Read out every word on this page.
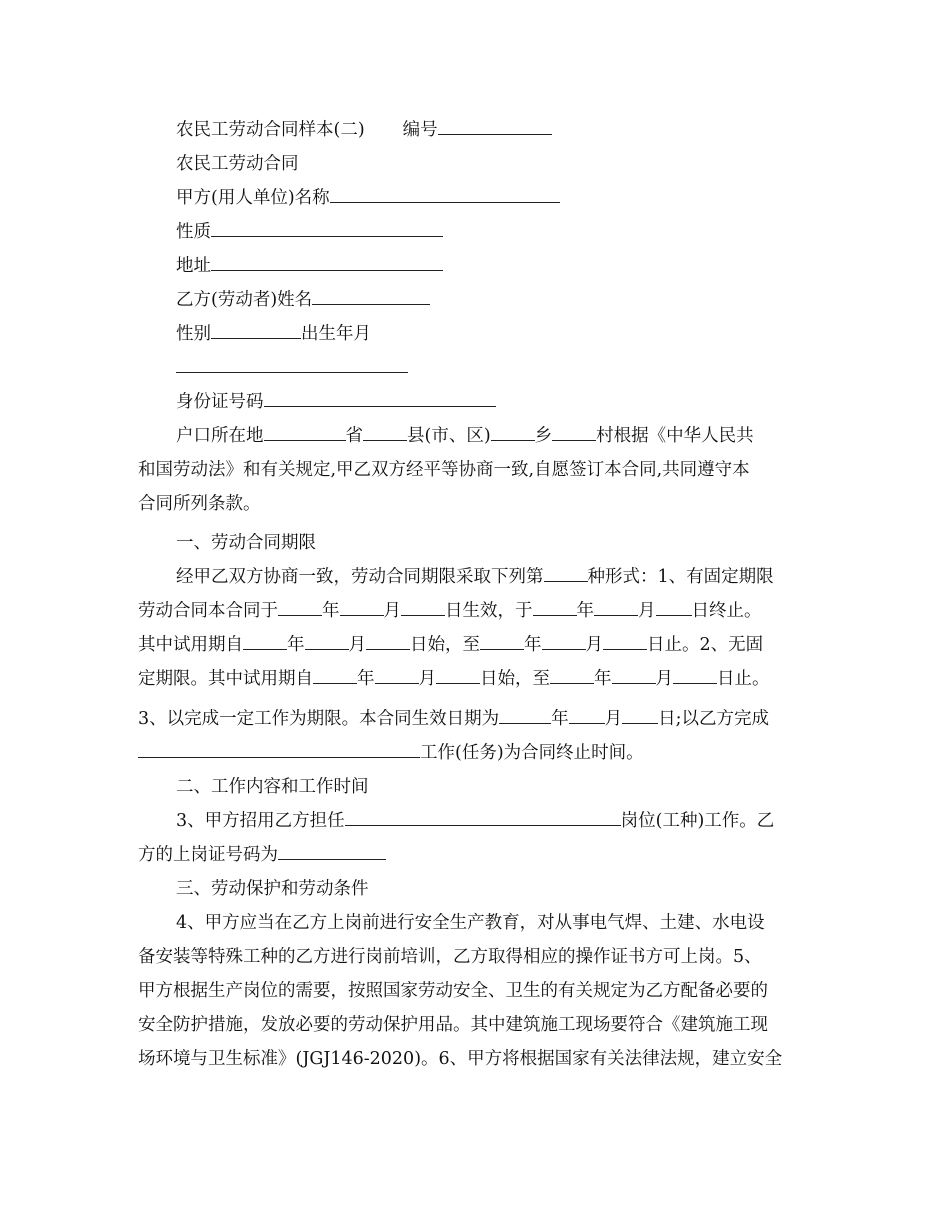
农民工劳动合同样本(二) 编号
农民工劳动合同
甲方(用人单位)名称
性质
地址
乙方(劳动者)姓名
性别	出生年月
身份证号码
户口所在地	省	县(市、区)	乡	村根据《中华人民共
和国劳动法》和有关规定,甲乙双方经平等协商一致,自愿签订本合同,共同遵守本
合同所列条款。
一、劳动合同期限
经甲乙双方协商一致，劳动合同期限采取下列第	种形式：1、有固定期限
劳动合同本合同于	年	月	日生效，于	年	月 日终止。
其中试用期自	年	月	日始，至	年	月	日止。2、无固
定期限。其中试用期自	年	月	日始，至	年	月	日止。
3、以完成一定工作为期限。本合同生效日期为	年 月 日;以乙方完成
工作(任务)为合同终止时间。
二、工作内容和工作时间
3、甲方招用乙方担任	岗位(工种)工作。乙
方的上岗证号码为
三、劳动保护和劳动条件
4、甲方应当在乙方上岗前进行安全生产教育，对从事电气焊、土建、水电设
备安装等特殊工种的乙方进行岗前培训，乙方取得相应的操作证书方可上岗。5、
甲方根据生产岗位的需要，按照国家劳动安全、卫生的有关规定为乙方配备必要的
安全防护措施，发放必要的劳动保护用品。其中建筑施工现场要符合《建筑施工现
场环境与卫生标准》(JGJ146-2020)。6、甲方将根据国家有关法律法规，建立安全
